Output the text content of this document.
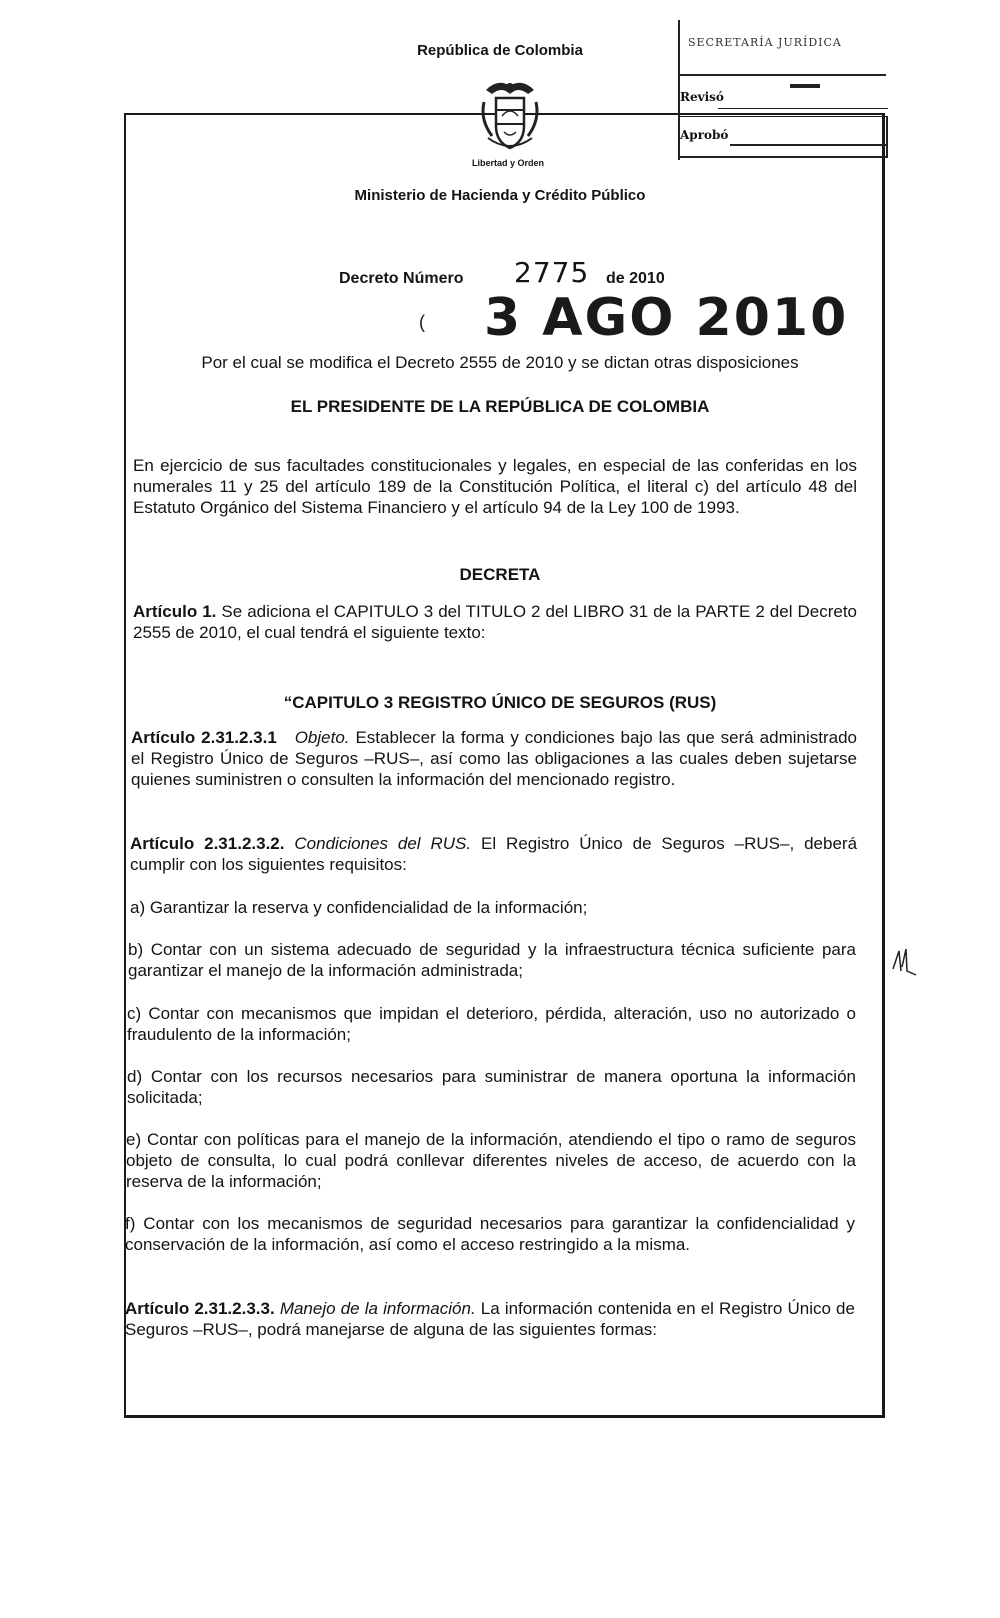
República de Colombia
Libertad y Orden
Ministerio de Hacienda y Crédito Público
SECRETARÍA JURÍDICA
Revisó
Aprobó
Decreto Número 2775 de 2010
( 3 AGO 2010
Por el cual se modifica el Decreto 2555 de 2010 y se dictan otras disposiciones
EL PRESIDENTE DE LA REPÚBLICA DE COLOMBIA
En ejercicio de sus facultades constitucionales y legales, en especial de las conferidas en los numerales 11 y 25 del artículo 189 de la Constitución Política, el literal c) del artículo 48 del Estatuto Orgánico del Sistema Financiero y el artículo 94 de la Ley 100 de 1993.
DECRETA
Artículo 1. Se adiciona el CAPITULO 3 del TITULO 2 del LIBRO 31 de la PARTE 2 del Decreto 2555 de 2010, el cual tendrá el siguiente texto:
“CAPITULO 3 REGISTRO ÚNICO DE SEGUROS (RUS)
Artículo 2.31.2.3.1 Objeto. Establecer la forma y condiciones bajo las que será administrado el Registro Único de Seguros –RUS–, así como las obligaciones a las cuales deben sujetarse quienes suministren o consulten la información del mencionado registro.
Artículo 2.31.2.3.2. Condiciones del RUS. El Registro Único de Seguros –RUS–, deberá cumplir con los siguientes requisitos:
a) Garantizar la reserva y confidencialidad de la información;
b) Contar con un sistema adecuado de seguridad y la infraestructura técnica suficiente para garantizar el manejo de la información administrada;
c) Contar con mecanismos que impidan el deterioro, pérdida, alteración, uso no autorizado o fraudulento de la información;
d) Contar con los recursos necesarios para suministrar de manera oportuna la información solicitada;
e) Contar con políticas para el manejo de la información, atendiendo el tipo o ramo de seguros objeto de consulta, lo cual podrá conllevar diferentes niveles de acceso, de acuerdo con la reserva de la información;
f) Contar con los mecanismos de seguridad necesarios para garantizar la confidencialidad y conservación de la información, así como el acceso restringido a la misma.
Artículo 2.31.2.3.3. Manejo de la información. La información contenida en el Registro Único de Seguros –RUS–, podrá manejarse de alguna de las siguientes formas:
